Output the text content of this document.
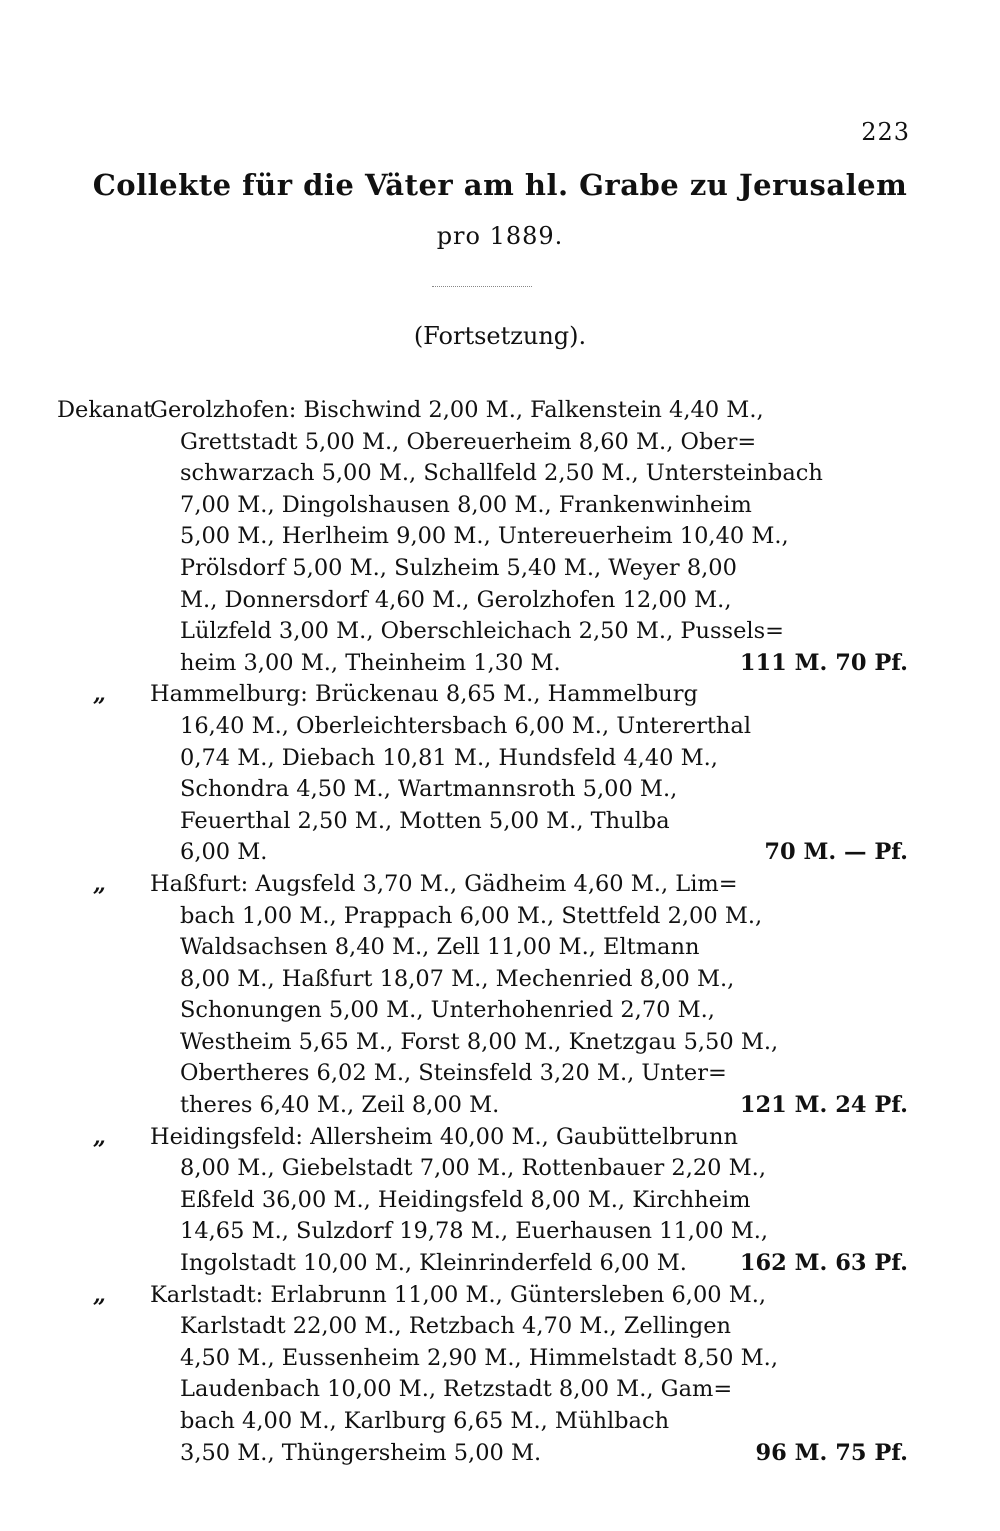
223
Collekte für die Väter am hl. Grabe zu Jerusalem
pro 1889.
(Fortsetzung).
Dekanat
Gerolzhofen: Bischwind 2,00 M., Falkenstein 4,40 M.,
Grettstadt 5,00 M., Obereuerheim 8,60 M., Ober=
schwarzach 5,00 M., Schallfeld 2,50 M., Untersteinbach
7,00 M., Dingolshausen 8,00 M., Frankenwinheim
5,00 M., Herlheim 9,00 M., Untereuerheim 10,40 M.,
Prölsdorf 5,00 M., Sulzheim 5,40 M., Weyer 8,00
M., Donnersdorf 4,60 M., Gerolzhofen 12,00 M.,
Lülzfeld 3,00 M., Oberschleichach 2,50 M., Pussels=
heim 3,00 M., Theinheim 1,30 M.	111 M. 70 Pf.
„ Hammelburg: Brückenau 8,65 M., Hammelburg
16,40 M., Oberleichtersbach 6,00 M., Untererthal
0,74 M., Diebach 10,81 M., Hundsfeld 4,40 M.,
Schondra 4,50 M., Wartmannsroth 5,00 M.,
Feuerthal 2,50 M., Motten 5,00 M., Thulba
6,00 M.	70 M. — Pf.
„ Haßfurt: Augsfeld 3,70 M., Gädheim 4,60 M., Lim=
bach 1,00 M., Prappach 6,00 M., Stettfeld 2,00 M.,
Waldsachsen 8,40 M., Zell 11,00 M., Eltmann
8,00 M., Haßfurt 18,07 M., Mechenried 8,00 M.,
Schonungen 5,00 M., Unterhohenried 2,70 M.,
Westheim 5,65 M., Forst 8,00 M., Knetzgau 5,50 M.,
Obertheres 6,02 M., Steinsfeld 3,20 M., Unter=
theres 6,40 M., Zeil 8,00 M.	121 M. 24 Pf.
„ Heidingsfeld: Allersheim 40,00 M., Gaubüttelbrunn
8,00 M., Giebelstadt 7,00 M., Rottenbauer 2,20 M.,
Eßfeld 36,00 M., Heidingsfeld 8,00 M., Kirchheim
14,65 M., Sulzdorf 19,78 M., Euerhausen 11,00 M.,
Ingolstadt 10,00 M., Kleinrinderfeld 6,00 M. 162 M. 63 Pf.
„ Karlstadt: Erlabrunn 11,00 M., Güntersleben 6,00 M.,
Karlstadt 22,00 M., Retzbach 4,70 M., Zellingen
4,50 M., Eussenheim 2,90 M., Himmelstadt 8,50 M.,
Laudenbach 10,00 M., Retzstadt 8,00 M., Gam=
bach 4,00 M., Karlburg 6,65 M., Mühlbach
3,50 M., Thüngersheim 5,00 M.	96 M. 75 Pf.
